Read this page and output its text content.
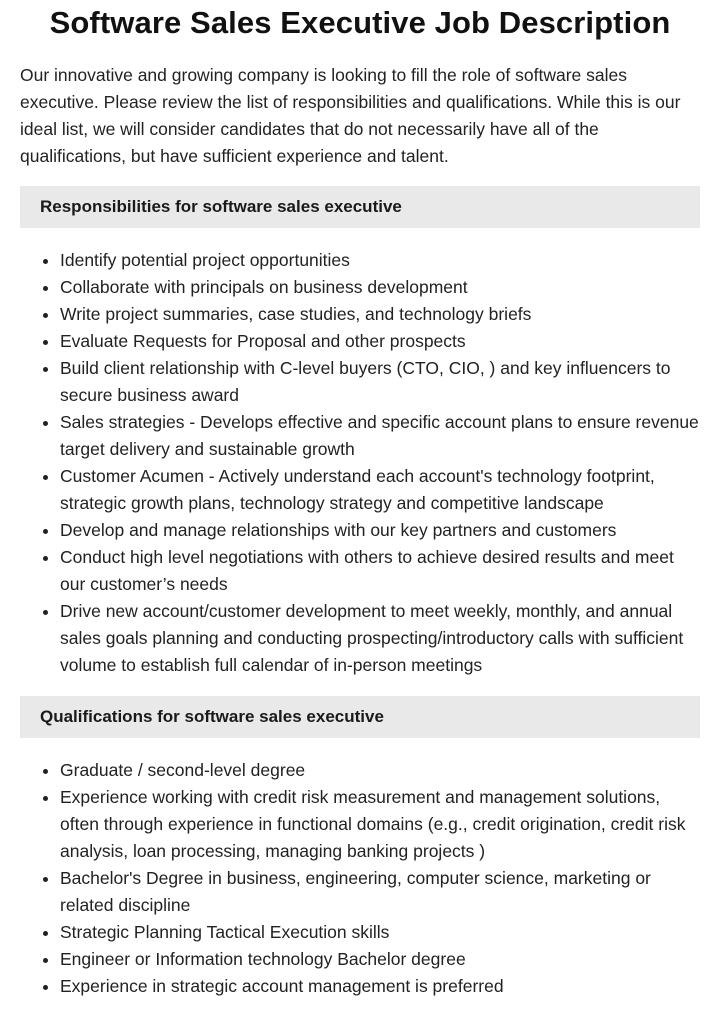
Software Sales Executive Job Description

Our innovative and growing company is looking to fill the role of software sales executive. Please review the list of responsibilities and qualifications. While this is our ideal list, we will consider candidates that do not necessarily have all of the qualifications, but have sufficient experience and talent.

Responsibilities for software sales executive
• Identify potential project opportunities
• Collaborate with principals on business development
• Write project summaries, case studies, and technology briefs
• Evaluate Requests for Proposal and other prospects
• Build client relationship with C-level buyers (CTO, CIO, ) and key influencers to secure business award
• Sales strategies - Develops effective and specific account plans to ensure revenue target delivery and sustainable growth
• Customer Acumen - Actively understand each account's technology footprint, strategic growth plans, technology strategy and competitive landscape
• Develop and manage relationships with our key partners and customers
• Conduct high level negotiations with others to achieve desired results and meet our customer’s needs
• Drive new account/customer development to meet weekly, monthly, and annual sales goals planning and conducting prospecting/introductory calls with sufficient volume to establish full calendar of in-person meetings
Qualifications for software sales executive
• Graduate / second-level degree
• Experience working with credit risk measurement and management solutions, often through experience in functional domains (e.g., credit origination, credit risk analysis, loan processing, managing banking projects )
• Bachelor's Degree in business, engineering, computer science, marketing or related discipline
• Strategic Planning Tactical Execution skills
• Engineer or Information technology Bachelor degree
• Experience in strategic account management is preferred
